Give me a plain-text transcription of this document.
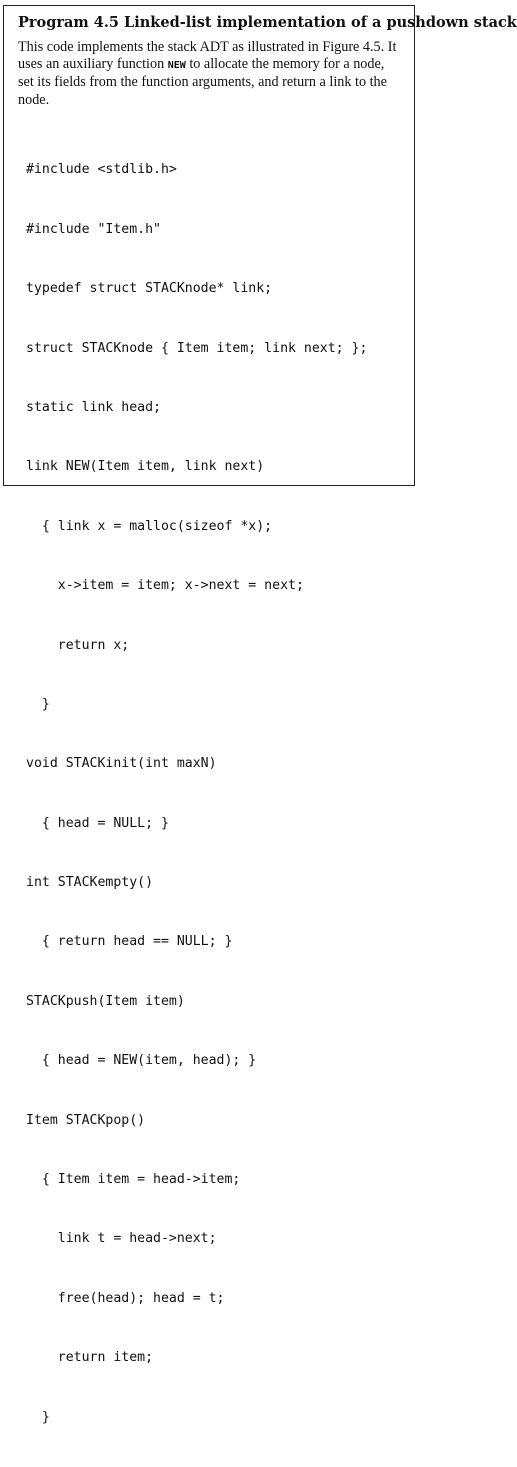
Program 4.5 Linked-list implementation of a pushdown stack

This code implements the stack ADT as illustrated in Figure 4.5. It uses an auxiliary function NEW to allocate the memory for a node, set its fields from the function arguments, and return a link to the node.

#include <stdlib.h>

#include "Item.h"

typedef struct STACKnode* link;

struct STACKnode { Item item; link next; };

static link head;

link NEW(Item item, link next)

{ link x = malloc(sizeof *x);

x->item = item; x->next = next;

return x;

}

void STACKinit(int maxN)

{ head = NULL; }

int STACKempty()

{ return head == NULL; }

STACKpush(Item item)

{ head = NEW(item, head); }

Item STACKpop()

{ Item item = head->item;

link t = head->next;

free(head); head = t;

return item;

}
